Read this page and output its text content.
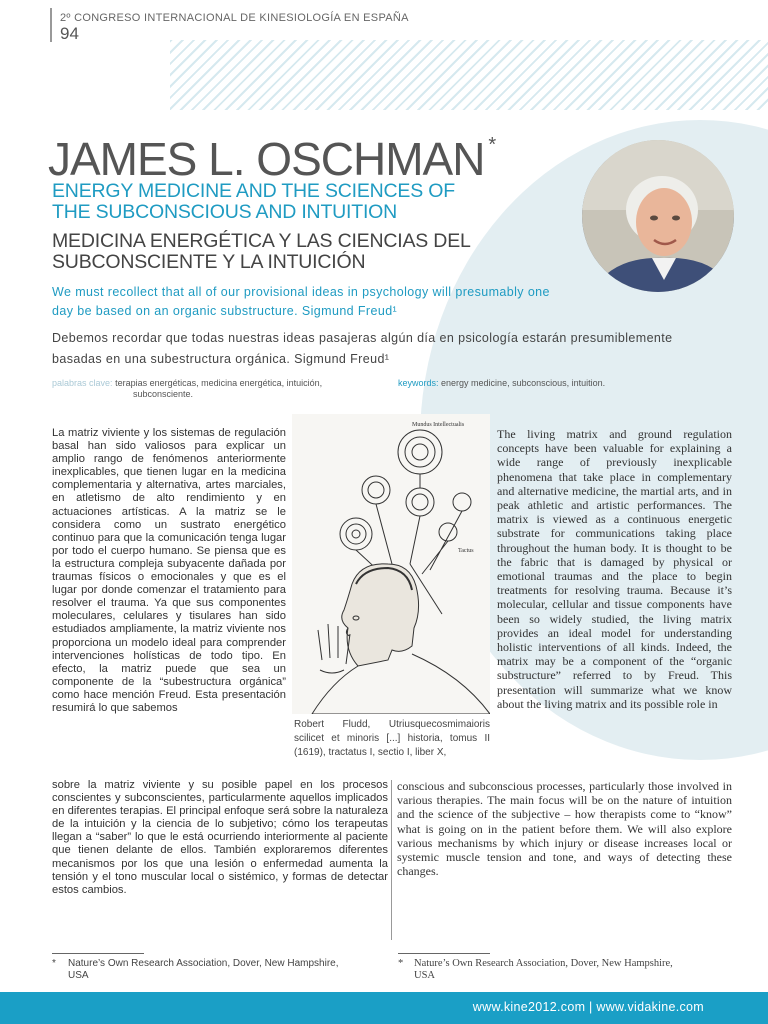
2º CONGRESO INTERNACIONAL DE KINESIOLOGÍA EN ESPAÑA
94
JAMES L. OSCHMAN *
ENERGY MEDICINE AND THE SCIENCES OF
THE SUBCONSCIOUS AND INTUITION
MEDICINA ENERGÉTICA Y LAS CIENCIAS DEL
SUBCONSCIENTE Y LA INTUICIÓN
We must recollect that all of our provisional ideas in psychology will presumably one day be based on an organic substructure. Sigmund Freud¹
Debemos recordar que todas nuestras ideas pasajeras algún día en psicología estarán presumiblemente basadas en una subestructura orgánica. Sigmund Freud¹
palabras clave: terapias energéticas, medicina energética, intuición,
subconsciente.
keywords: energy medicine, subconscious, intuition.
La matriz viviente y los sistemas de regulación basal han sido valiosos para explicar un amplio rango de fenómenos anteriormente inexplicables, que tienen lugar en la medicina complementaria y alternativa, artes marciales, en atletismo de alto rendimiento y en actuaciones artísticas. A la matriz se le considera como un sustrato energético continuo para que la comunicación tenga lugar por todo el cuerpo humano. Se piensa que es la estructura compleja subyacente dañada por traumas físicos o emocionales y que es el lugar por donde comenzar el tratamiento para resolver el trauma. Ya que sus componentes moleculares, celulares y tisulares han sido estudiados ampliamente, la matriz viviente nos proporciona un modelo ideal para comprender intervenciones holísticas de todo tipo. En efecto, la matriz puede que sea un componente de la “subestructura orgánica” como hace mención Freud. Esta presentación resumirá lo que sabemos
sobre la matriz viviente y su posible papel en los procesos conscientes y subconscientes, particularmente aquellos implicados en diferentes terapias. El principal enfoque será sobre la naturaleza de la intuición y la ciencia de lo subjetivo; cómo los terapeutas llegan a “saber” lo que le está ocurriendo interiormente al paciente que tienen delante de ellos. También exploraremos diferentes mecanismos por los que una lesión o enfermedad aumenta la tensión y el tono muscular local o sistémico, y formas de detectar estos cambios.
The living matrix and ground regulation concepts have been valuable for explaining a wide range of previously inexplicable phenomena that take place in complementary and alternative medicine, the martial arts, and in peak athletic and artistic performances. The matrix is viewed as a continuous energetic substrate for communications taking place throughout the human body. It is thought to be the fabric that is damaged by physical or emotional traumas and the place to begin treatments for resolving trauma. Because it’s molecular, cellular and tissue components have been so widely studied, the living matrix provides an ideal model for understanding holistic interventions of all kinds. Indeed, the matrix may be a component of the “organic substructure” referred to by Freud. This presentation will summarize what we know about the living matrix and its possible role in
conscious and subconscious processes, particularly those involved in various therapies. The main focus will be on the nature of intuition and the science of the subjective – how therapists come to “know” what is going on in the patient before them. We will also explore various mechanisms by which injury or disease increases local or systemic muscle tension and tone, and ways of detecting these changes.
Mundus Intellectualis
Tactus
Robert Fludd, Utriusquecosmimaioris scilicet et minoris [...] historia, tomus II (1619), tractatus I, sectio I, liber X,
* Nature’s Own Research Association, Dover, New Hampshire,
USA
* Nature’s Own Research Association, Dover, New Hampshire,
USA
www.kine2012.com | www.vidakine.com
